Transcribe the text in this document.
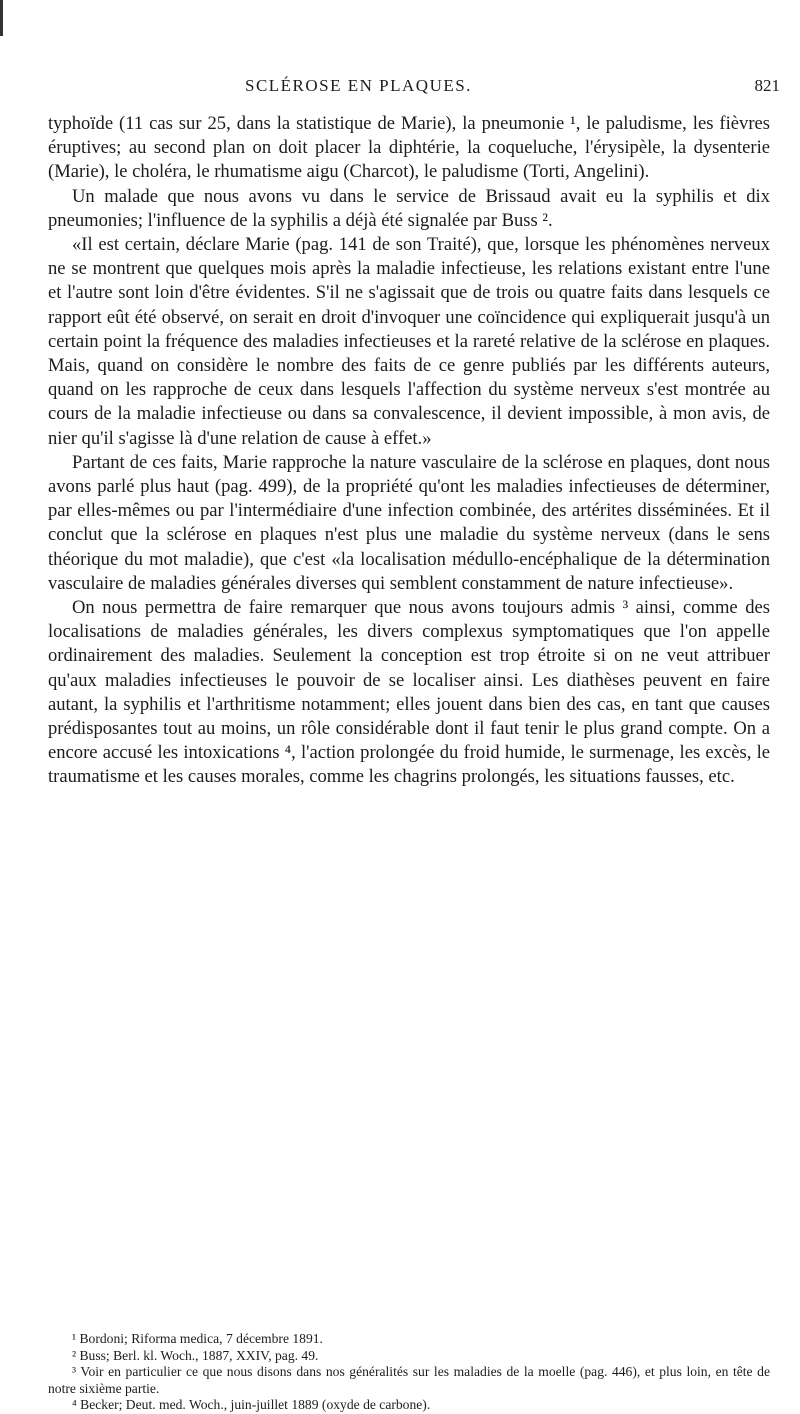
SCLÉROSE EN PLAQUES.	821

typhoïde (11 cas sur 25, dans la statistique de Marie), la pneumonie ¹, le paludisme, les fièvres éruptives; au second plan on doit placer la diphtérie, la coqueluche, l'érysipèle, la dysenterie (Marie), le choléra, le rhumatisme aigu (Charcot), le paludisme (Torti, Angelini).

Un malade que nous avons vu dans le service de Brissaud avait eu la syphilis et dix pneumonies; l'influence de la syphilis a déjà été signalée par Buss ².

«Il est certain, déclare Marie (pag. 141 de son Traité), que, lorsque les phénomènes nerveux ne se montrent que quelques mois après la maladie infectieuse, les relations existant entre l'une et l'autre sont loin d'être évidentes. S'il ne s'agissait que de trois ou quatre faits dans lesquels ce rapport eût été observé, on serait en droit d'invoquer une coïncidence qui expliquerait jusqu'à un certain point la fréquence des maladies infectieuses et la rareté relative de la sclérose en plaques. Mais, quand on considère le nombre des faits de ce genre publiés par les différents auteurs, quand on les rapproche de ceux dans lesquels l'affection du système nerveux s'est montrée au cours de la maladie infectieuse ou dans sa convalescence, il devient impossible, à mon avis, de nier qu'il s'agisse là d'une relation de cause à effet.»

Partant de ces faits, Marie rapproche la nature vasculaire de la sclérose en plaques, dont nous avons parlé plus haut (pag. 499), de la propriété qu'ont les maladies infectieuses de déterminer, par elles-mêmes ou par l'intermédiaire d'une infection combinée, des artérites disséminées. Et il conclut que la sclérose en plaques n'est plus une maladie du système nerveux (dans le sens théorique du mot maladie), que c'est «la localisation médullo-encéphalique de la détermination vasculaire de maladies générales diverses qui semblent constamment de nature infectieuse».

On nous permettra de faire remarquer que nous avons toujours admis ³ ainsi, comme des localisations de maladies générales, les divers complexus symptomatiques que l'on appelle ordinairement des maladies. Seulement la conception est trop étroite si on ne veut attribuer qu'aux maladies infectieuses le pouvoir de se localiser ainsi. Les diathèses peuvent en faire autant, la syphilis et l'arthritisme notamment; elles jouent dans bien des cas, en tant que causes prédisposantes tout au moins, un rôle considérable dont il faut tenir le plus grand compte. On a encore accusé les intoxications ⁴, l'action prolongée du froid humide, le surmenage, les excès, le traumatisme et les causes morales, comme les chagrins prolongés, les situations fausses, etc.

¹ Bordoni; Riforma medica, 7 décembre 1891.

² Buss; Berl. kl. Woch., 1887, XXIV, pag. 49.

³ Voir en particulier ce que nous disons dans nos généralités sur les maladies de la moelle (pag. 446), et plus loin, en tête de notre sixième partie.

⁴ Becker; Deut. med. Woch., juin-juillet 1889 (oxyde de carbone).
